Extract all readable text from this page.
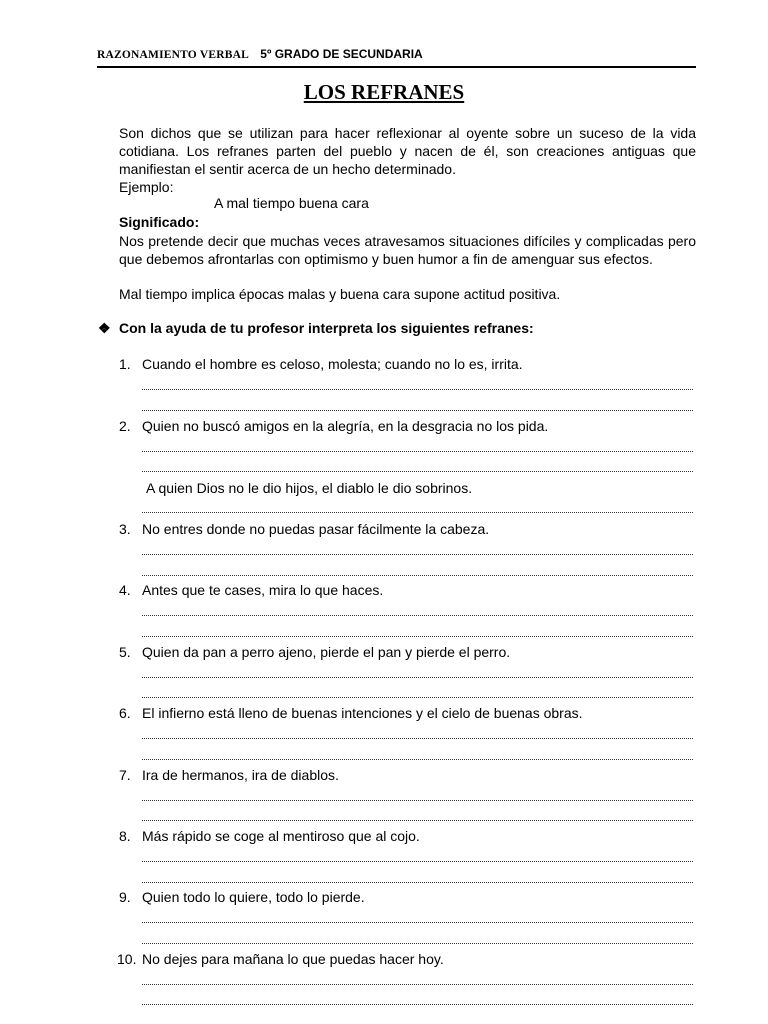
RAZONAMIENTO VERBAL 5º GRADO DE SECUNDARIA
LOS REFRANES

Son dichos que se utilizan para hacer reflexionar al oyente sobre un suceso de la vida cotidiana. Los refranes parten del pueblo y nacen de él, son creaciones antiguas que manifiestan el sentir acerca de un hecho determinado.

Ejemplo:
A mal tiempo buena cara
Significado:
Nos pretende decir que muchas veces atravesamos situaciones difíciles y complicadas pero que debemos afrontarlas con optimismo y buen humor a fin de amenguar sus efectos.
Mal tiempo implica épocas malas y buena cara supone actitud positiva.
❖ Con la ayuda de tu profesor interpreta los siguientes refranes:
1. Cuando el hombre es celoso, molesta; cuando no lo es, irrita.
2. Quien no buscó amigos en la alegría, en la desgracia no los pida.
A quien Dios no le dio hijos, el diablo le dio sobrinos.
3. No entres donde no puedas pasar fácilmente la cabeza.
4. Antes que te cases, mira lo que haces.
5. Quien da pan a perro ajeno, pierde el pan y pierde el perro.
6. El infierno está lleno de buenas intenciones y el cielo de buenas obras.
7. Ira de hermanos, ira de diablos.
8. Más rápido se coge al mentiroso que al cojo.
9. Quien todo lo quiere, todo lo pierde.
10. No dejes para mañana lo que puedas hacer hoy.
